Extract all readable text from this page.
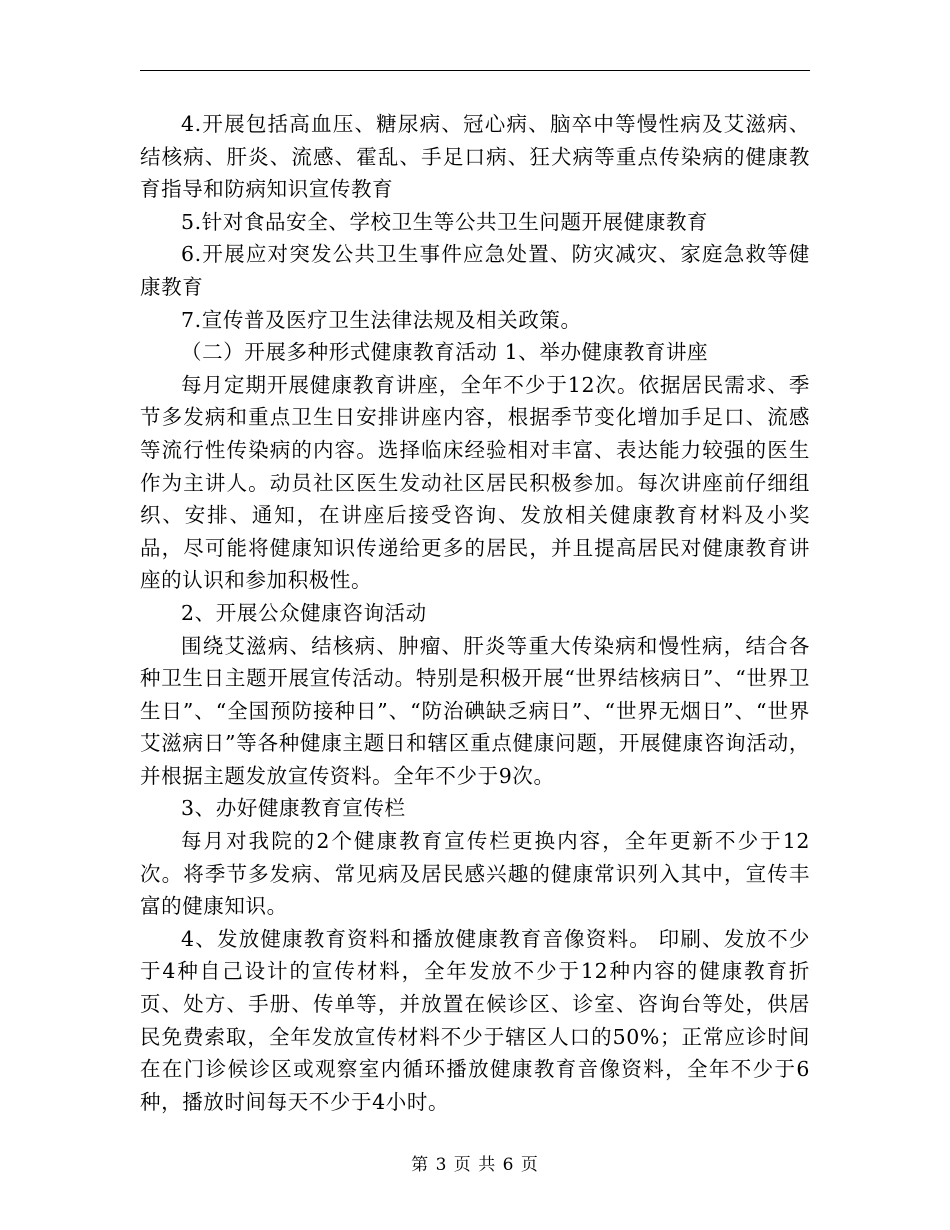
4.开展包括高血压、糖尿病、冠心病、脑卒中等慢性病及艾滋病、结核病、肝炎、流感、霍乱、手足口病、狂犬病等重点传染病的健康教育指导和防病知识宣传教育

5.针对食品安全、学校卫生等公共卫生问题开展健康教育

6.开展应对突发公共卫生事件应急处置、防灾减灾、家庭急救等健康教育

7.宣传普及医疗卫生法律法规及相关政策。

（二）开展多种形式健康教育活动 1、举办健康教育讲座

每月定期开展健康教育讲座，全年不少于12次。依据居民需求、季节多发病和重点卫生日安排讲座内容，根据季节变化增加手足口、流感等流行性传染病的内容。选择临床经验相对丰富、表达能力较强的医生作为主讲人。动员社区医生发动社区居民积极参加。每次讲座前仔细组织、安排、通知，在讲座后接受咨询、发放相关健康教育材料及小奖品，尽可能将健康知识传递给更多的居民，并且提高居民对健康教育讲座的认识和参加积极性。

2、开展公众健康咨询活动

围绕艾滋病、结核病、肿瘤、肝炎等重大传染病和慢性病，结合各种卫生日主题开展宣传活动。特别是积极开展“世界结核病日”、“世界卫生日”、“全国预防接种日”、“防治碘缺乏病日”、“世界无烟日”、“世界艾滋病日”等各种健康主题日和辖区重点健康问题，开展健康咨询活动，并根据主题发放宣传资料。全年不少于9次。

3、办好健康教育宣传栏

每月对我院的2个健康教育宣传栏更换内容，全年更新不少于12次。将季节多发病、常见病及居民感兴趣的健康常识列入其中，宣传丰富的健康知识。

4、发放健康教育资料和播放健康教育音像资料。 印刷、发放不少于4种自己设计的宣传材料，全年发放不少于12种内容的健康教育折页、处方、手册、传单等，并放置在候诊区、诊室、咨询台等处，供居民免费索取，全年发放宣传材料不少于辖区人口的50%；正常应诊时间在在门诊候诊区或观察室内循环播放健康教育音像资料，全年不少于6种，播放时间每天不少于4小时。

第 3 页 共 6 页
